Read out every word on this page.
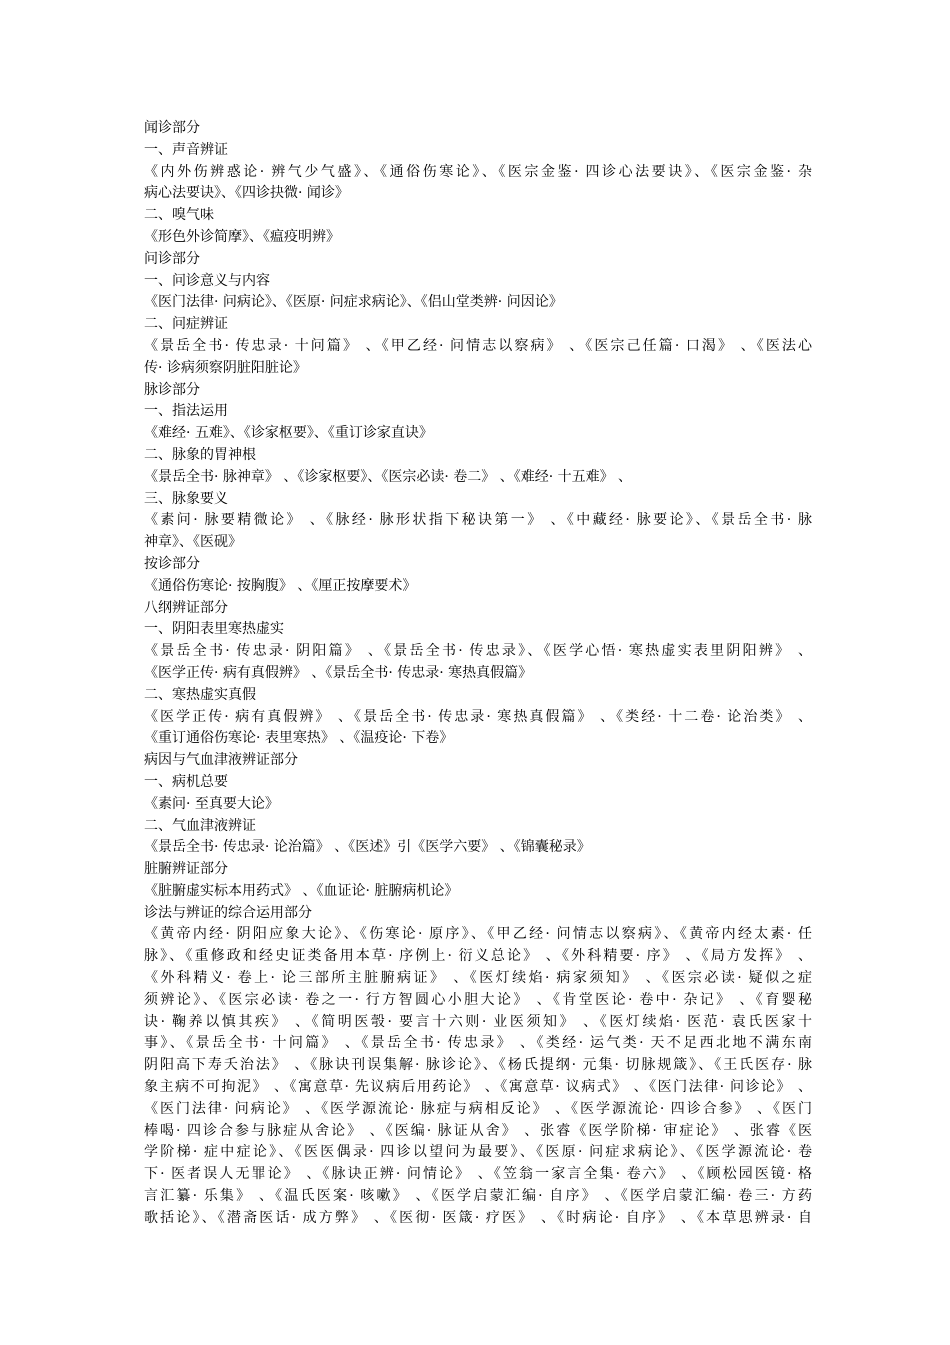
闻诊部分
一、声音辨证
《内外伤辨惑论· 辨气少气盛》、《通俗伤寒论》、《医宗金鉴· 四诊心法要诀》、《医宗金鉴· 杂
病心法要诀》、《四诊抉微· 闻诊》
二、嗅气味
《形色外诊简摩》、《瘟疫明辨》
问诊部分
一、问诊意义与内容
《医门法律· 问病论》、《医原· 问症求病论》、《侣山堂类辨· 问因论》
二、问症辨证
《景岳全书· 传忠录· 十问篇》 、《甲乙经· 问情志以察病》 、《医宗己任篇· 口渴》 、《医法心
传· 诊病须察阴脏阳脏论》
脉诊部分
一、指法运用
《难经· 五难》、《诊家枢要》、《重订诊家直诀》
二、脉象的胃神根
《景岳全书· 脉神章》 、《诊家枢要》、《医宗必读· 卷二》 、《难经· 十五难》 、
三、脉象要义
《素问· 脉要精微论》 、《脉经· 脉形状指下秘诀第一》 、《中藏经· 脉要论》、《景岳全书· 脉
神章》、《医砚》
按诊部分
《通俗伤寒论· 按胸腹》 、《厘正按摩要术》
八纲辨证部分
一、阴阳表里寒热虚实
《景岳全书· 传忠录· 阴阳篇》 、《景岳全书· 传忠录》、《医学心悟· 寒热虚实表里阴阳辨》 、
《医学正传· 病有真假辨》 、《景岳全书· 传忠录· 寒热真假篇》
二、寒热虚实真假
《医学正传· 病有真假辨》 、《景岳全书· 传忠录· 寒热真假篇》 、《类经· 十二卷· 论治类》 、
《重订通俗伤寒论· 表里寒热》 、《温疫论· 下卷》
病因与气血津液辨证部分
一、病机总要
《素问· 至真要大论》
二、气血津液辨证
《景岳全书· 传忠录· 论治篇》 、《医述》引《医学六要》 、《锦囊秘录》
脏腑辨证部分
《脏腑虚实标本用药式》 、《血证论· 脏腑病机论》
诊法与辨证的综合运用部分
《黄帝内经· 阴阳应象大论》、《伤寒论· 原序》、《甲乙经· 问情志以察病》、《黄帝内经太素· 任
脉》、《重修政和经史证类备用本草· 序例上· 衍义总论》 、《外科精要· 序》 、《局方发挥》 、
《外科精义· 卷上· 论三部所主脏腑病证》 、《医灯续焰· 病家须知》 、《医宗必读· 疑似之症
须辨论》、《医宗必读· 卷之一· 行方智圆心小胆大论》 、《肯堂医论· 卷中· 杂记》 、《育婴秘
诀· 鞠养以慎其疾》 、《简明医彀· 要言十六则· 业医须知》 、《医灯续焰· 医范· 袁氏医家十
事》、《景岳全书· 十问篇》 、《景岳全书· 传忠录》 、《类经· 运气类· 天不足西北地不满东南
阴阳高下寿夭治法》 、《脉诀刊误集解· 脉诊论》、《杨氏提纲· 元集· 切脉规箴》、《王氏医存· 脉
象主病不可拘泥》 、《寓意草· 先议病后用药论》 、《寓意草· 议病式》 、《医门法律· 问诊论》 、
《医门法律· 问病论》 、《医学源流论· 脉症与病相反论》 、《医学源流论· 四诊合参》 、《医门
棒喝· 四诊合参与脉症从舍论》 、《医编· 脉证从舍》 、张睿《医学阶梯· 审症论》 、张睿《医
学阶梯· 症中症论》、《医医偶录· 四诊以望问为最要》、《医原· 问症求病论》、《医学源流论· 卷
下· 医者误人无罪论》 、《脉诀正辨· 问情论》 、《笠翁一家言全集· 卷六》 、《顾松园医镜· 格
言汇纂· 乐集》 、《温氏医案· 咳嗽》 、《医学启蒙汇编· 自序》 、《医学启蒙汇编· 卷三· 方药
歌括论》、《潜斋医话· 成方弊》 、《医彻· 医箴· 疗医》 、《时病论· 自序》 、《本草思辨录· 自
